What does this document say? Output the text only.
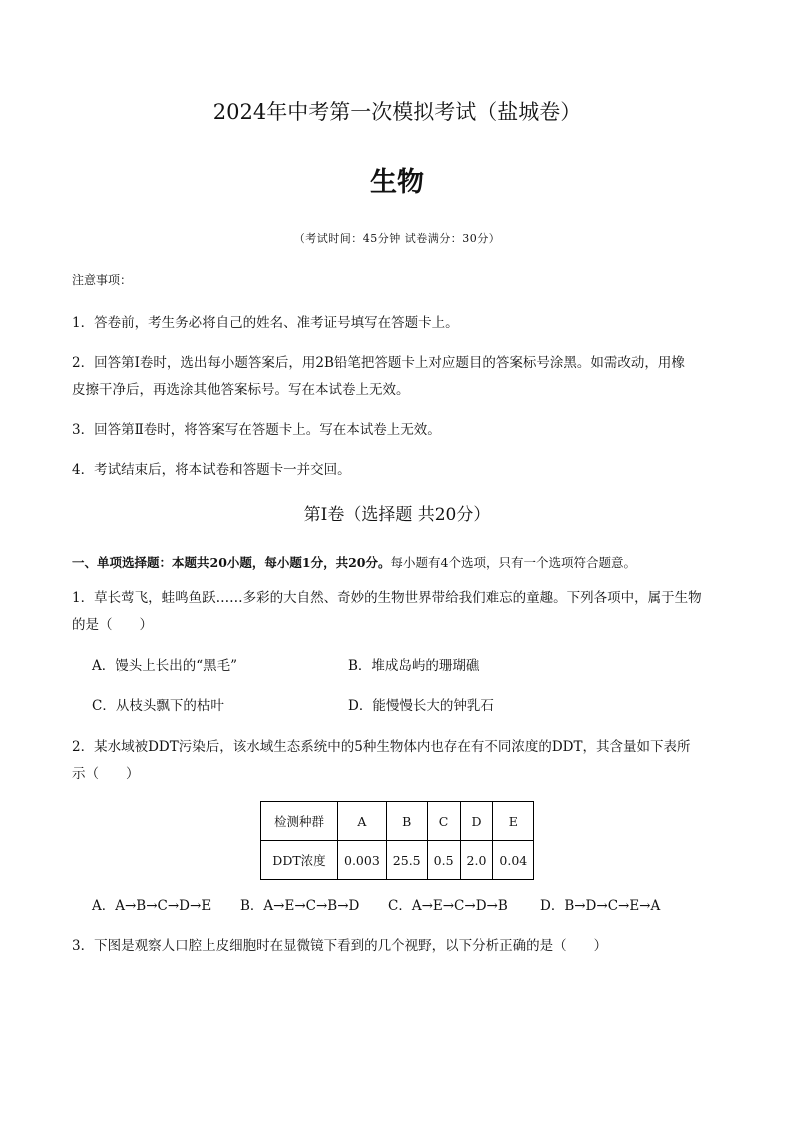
2024年中考第一次模拟考试（盐城卷）
生物
（考试时间：45分钟 试卷满分：30分）
注意事项：
1．答卷前，考生务必将自己的姓名、准考证号填写在答题卡上。
2．回答第Ⅰ卷时，选出每小题答案后，用2B铅笔把答题卡上对应题目的答案标号涂黑。如需改动，用橡
皮擦干净后，再选涂其他答案标号。写在本试卷上无效。
3．回答第Ⅱ卷时，将答案写在答题卡上。写在本试卷上无效。
4．考试结束后，将本试卷和答题卡一并交回。
第Ⅰ卷（选择题 共20分）
一、单项选择题：本题共20小题，每小题1分，共20分。每小题有4个选项，只有一个选项符合题意。
1．草长莺飞，蛙鸣鱼跃……多彩的大自然、奇妙的生物世界带给我们难忘的童趣。下列各项中，属于生物
的是（　　）
A．馒头上长出的“黑毛”	B．堆成岛屿的珊瑚礁
C．从枝头飘下的枯叶	D．能慢慢长大的钟乳石
2．某水域被DDT污染后，该水域生态系统中的5种生物体内也存在有不同浓度的DDT，其含量如下表所
示（　　）
检测种群	A	B	C	D	E
DDT浓度	0.003	25.5	0.5	2.0	0.04
A．A→B→C→D→E B．A→E→C→B→D C．A→E→C→D→B D．B→D→C→E→A
3．下图是观察人口腔上皮细胞时在显微镜下看到的几个视野，以下分析正确的是（　　）
